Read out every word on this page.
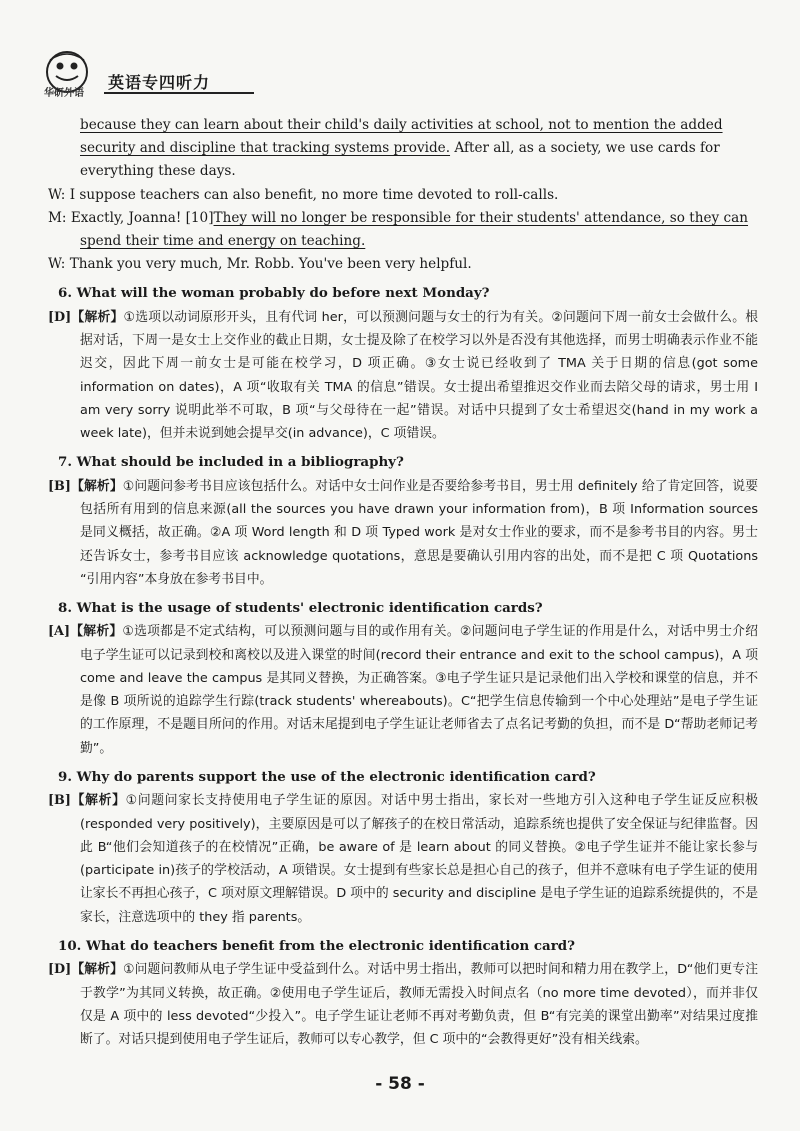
华研外语
英语专四听力

because they can learn about their child's daily activities at school, not to mention the added security and discipline that tracking systems provide. After all, as a society, we use cards for everything these days.

W: I suppose teachers can also benefit, no more time devoted to roll-calls.

M: Exactly, Joanna! [10]They will no longer be responsible for their students' attendance, so they can spend their time and energy on teaching.

W: Thank you very much, Mr. Robb. You've been very helpful.

6. What will the woman probably do before next Monday?

[D]【解析】①选项以动词原形开头，且有代词 her，可以预测问题与女士的行为有关。②问题问下周一前女士会做什么。根据对话，下周一是女士上交作业的截止日期，女士提及除了在校学习以外是否没有其他选择，而男士明确表示作业不能迟交，因此下周一前女士是可能在校学习，D 项正确。③女士说已经收到了 TMA 关于日期的信息(got some information on dates)，A 项“收取有关 TMA 的信息”错误。女士提出希望推迟交作业而去陪父母的请求，男士用 I am very sorry 说明此举不可取，B 项“与父母待在一起”错误。对话中只提到了女士希望迟交(hand in my work a week late)，但并未说到她会提早交(in advance)，C 项错误。

7. What should be included in a bibliography?

[B]【解析】①问题问参考书目应该包括什么。对话中女士问作业是否要给参考书目，男士用 definitely 给了肯定回答，说要包括所有用到的信息来源(all the sources you have drawn your information from)，B 项 Information sources 是同义概括，故正确。②A 项 Word length 和 D 项 Typed work 是对女士作业的要求，而不是参考书目的内容。男士还告诉女士，参考书目应该 acknowledge quotations，意思是要确认引用内容的出处，而不是把 C 项 Quotations “引用内容”本身放在参考书目中。

8. What is the usage of students' electronic identification cards?

[A]【解析】①选项都是不定式结构，可以预测问题与目的或作用有关。②问题问电子学生证的作用是什么，对话中男士介绍电子学生证可以记录到校和离校以及进入课堂的时间(record their entrance and exit to the school campus)，A 项 come and leave the campus 是其同义替换，为正确答案。③电子学生证只是记录他们出入学校和课堂的信息，并不是像 B 项所说的追踪学生行踪(track students' whereabouts)。C“把学生信息传输到一个中心处理站”是电子学生证的工作原理，不是题目所问的作用。对话末尾提到电子学生证让老师省去了点名记考勤的负担，而不是 D“帮助老师记考勤”。

9. Why do parents support the use of the electronic identification card?

[B]【解析】①问题问家长支持使用电子学生证的原因。对话中男士指出，家长对一些地方引入这种电子学生证反应积极(responded very positively)，主要原因是可以了解孩子的在校日常活动，追踪系统也提供了安全保证与纪律监督。因此 B“他们会知道孩子的在校情况”正确，be aware of 是 learn about 的同义替换。②电子学生证并不能让家长参与(participate in)孩子的学校活动，A 项错误。女士提到有些家长总是担心自己的孩子，但并不意味有电子学生证的使用让家长不再担心孩子，C 项对原文理解错误。D 项中的 security and discipline 是电子学生证的追踪系统提供的，不是家长，注意选项中的 they 指 parents。

10. What do teachers benefit from the electronic identification card?

[D]【解析】①问题问教师从电子学生证中受益到什么。对话中男士指出，教师可以把时间和精力用在教学上，D“他们更专注于教学”为其同义转换，故正确。②使用电子学生证后，教师无需投入时间点名（no more time devoted），而并非仅仅是 A 项中的 less devoted“少投入”。电子学生证让老师不再对考勤负责，但 B“有完美的课堂出勤率”对结果过度推断了。对话只提到使用电子学生证后，教师可以专心教学，但 C 项中的“会教得更好”没有相关线索。

- 58 -
